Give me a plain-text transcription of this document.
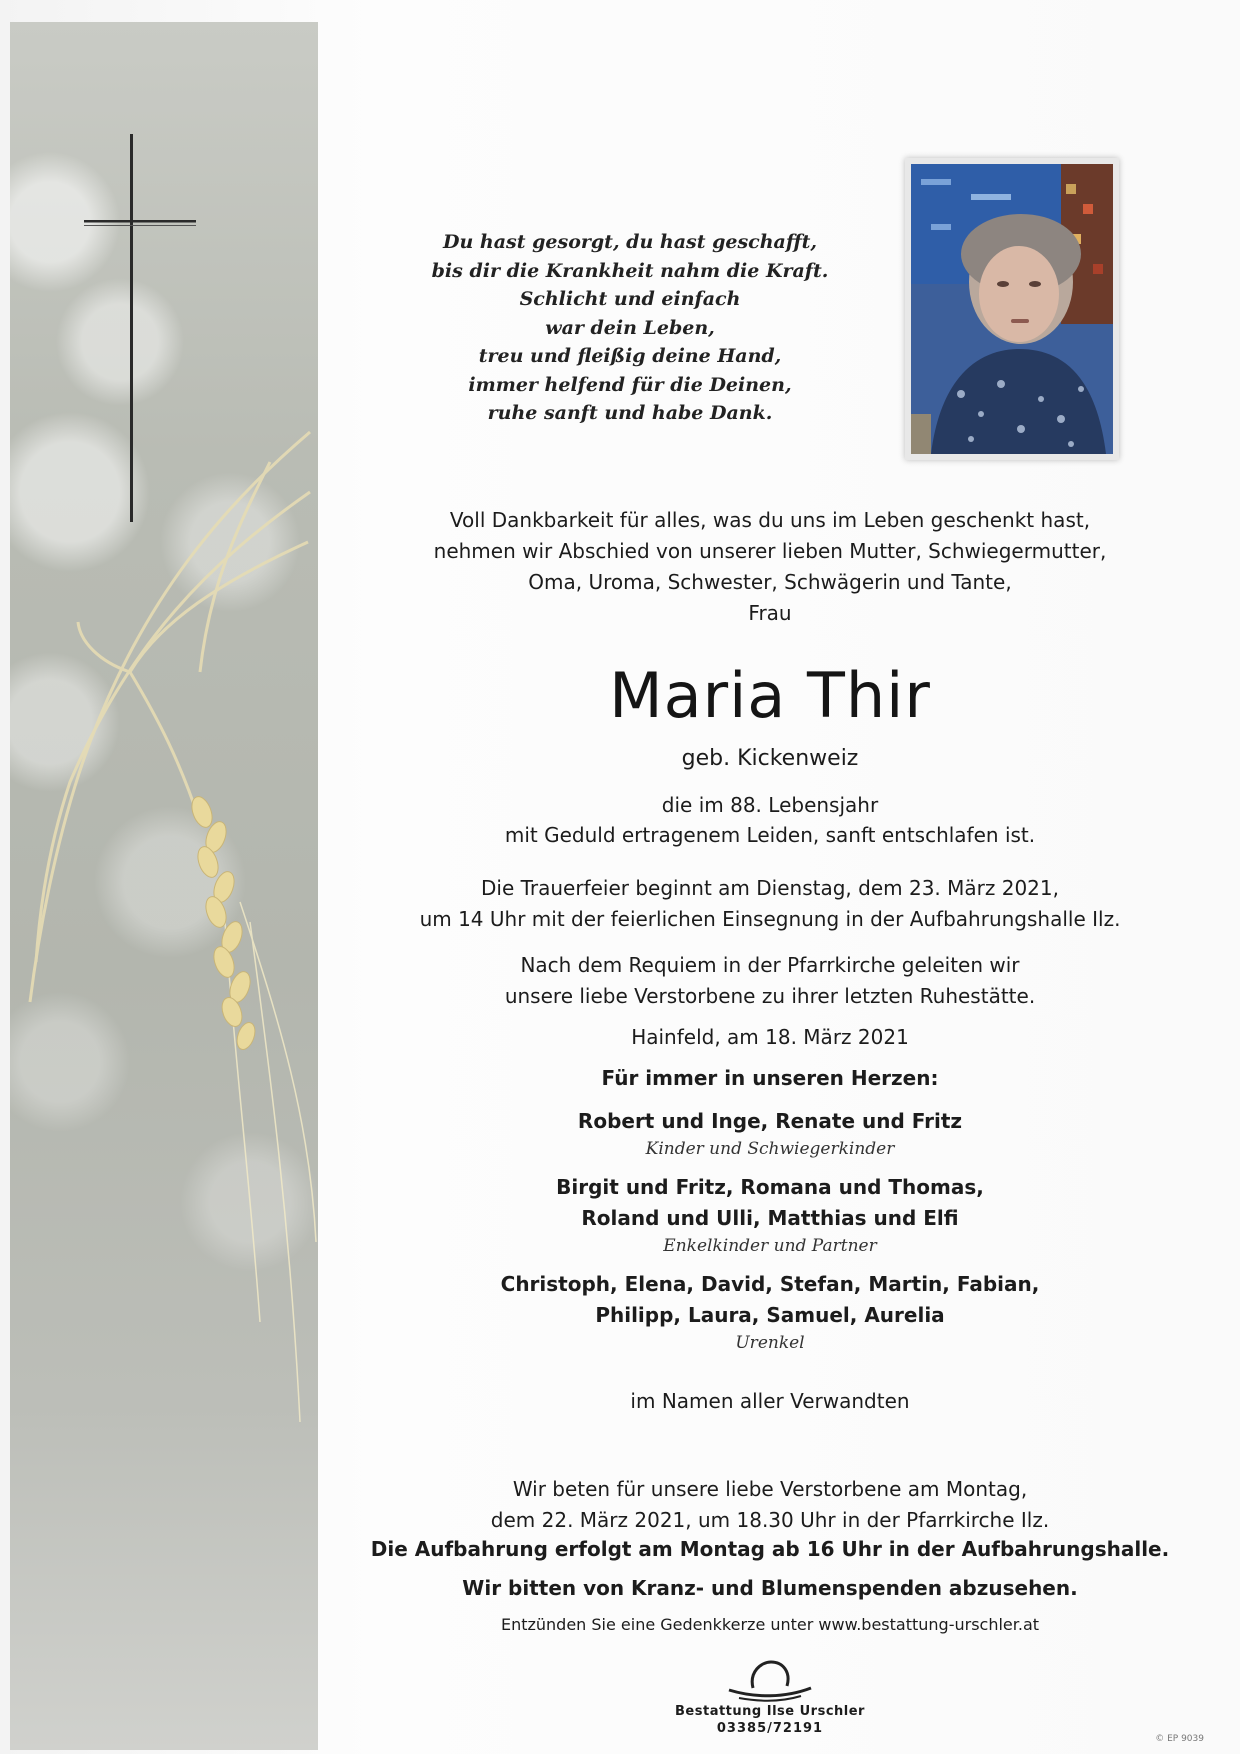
Du hast gesorgt, du hast geschafft,
bis dir die Krankheit nahm die Kraft.
Schlicht und einfach
war dein Leben,
treu und fleißig deine Hand,
immer helfend für die Deinen,
ruhe sanft und habe Dank.
Voll Dankbarkeit für alles, was du uns im Leben geschenkt hast,
nehmen wir Abschied von unserer lieben Mutter, Schwiegermutter,
Oma, Uroma, Schwester, Schwägerin und Tante,
Frau
Maria Thir
geb. Kickenweiz
die im 88. Lebensjahr
mit Geduld ertragenem Leiden, sanft entschlafen ist.
Die Trauerfeier beginnt am Dienstag, dem 23. März 2021,
um 14 Uhr mit der feierlichen Einsegnung in der Aufbahrungshalle Ilz.
Nach dem Requiem in der Pfarrkirche geleiten wir
unsere liebe Verstorbene zu ihrer letzten Ruhestätte.
Hainfeld, am 18. März 2021
Für immer in unseren Herzen:
Robert und Inge, Renate und Fritz
Kinder und Schwiegerkinder
Birgit und Fritz, Romana und Thomas,
Roland und Ulli, Matthias und Elfi
Enkelkinder und Partner
Christoph, Elena, David, Stefan, Martin, Fabian,
Philipp, Laura, Samuel, Aurelia
Urenkel
im Namen aller Verwandten
Wir beten für unsere liebe Verstorbene am Montag,
dem 22. März 2021, um 18.30 Uhr in der Pfarrkirche Ilz.
Die Aufbahrung erfolgt am Montag ab 16 Uhr in der Aufbahrungshalle.
Wir bitten von Kranz- und Blumenspenden abzusehen.
Entzünden Sie eine Gedenkkerze unter www.bestattung-urschler.at
Bestattung Ilse Urschler
03385/72191
© EP 9039
